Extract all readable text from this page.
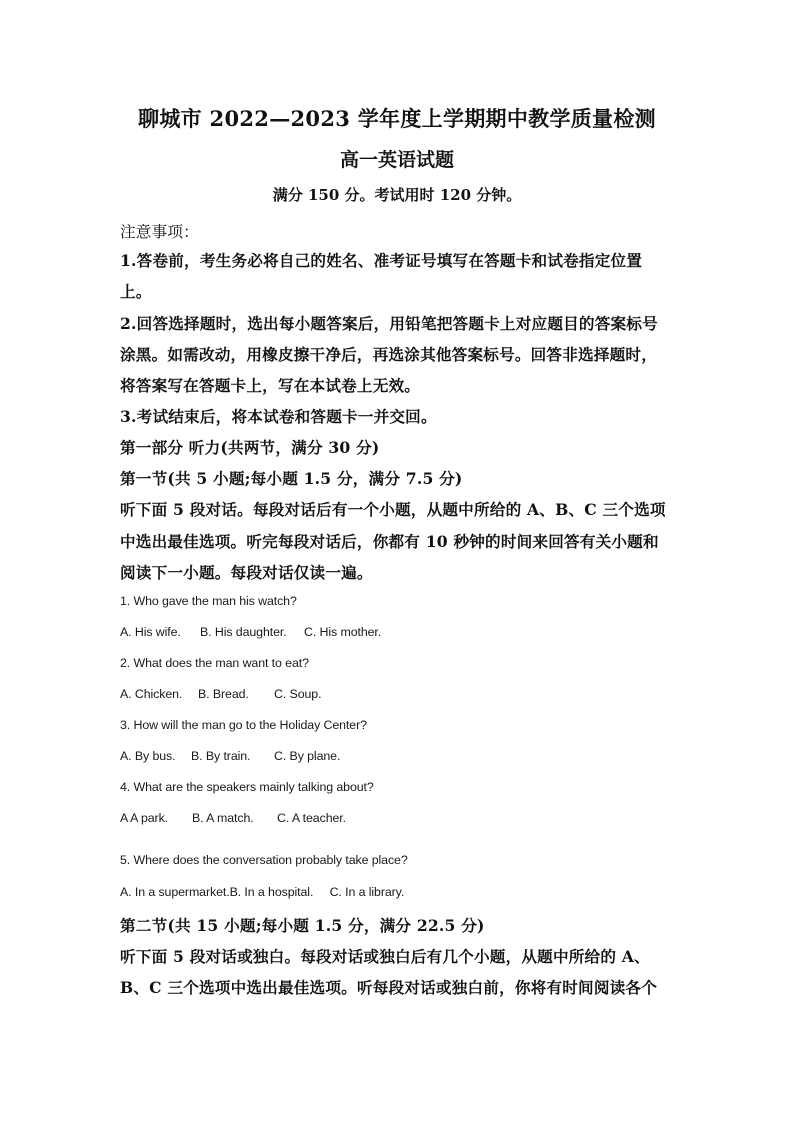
聊城市 2022—2023 学年度上学期期中教学质量检测
高一英语试题
满分 150 分。考试用时 120 分钟。
注意事项：
1.答卷前，考生务必将自己的姓名、准考证号填写在答题卡和试卷指定位置
上。
2.回答选择题时，选出每小题答案后，用铅笔把答题卡上对应题目的答案标号
涂黑。如需改动，用橡皮擦干净后，再选涂其他答案标号。回答非选择题时，
将答案写在答题卡上，写在本试卷上无效。
3.考试结束后，将本试卷和答题卡一并交回。
第一部分 听力(共两节，满分 30 分)
第一节(共 5 小题;每小题 1.5 分，满分 7.5 分)
听下面 5 段对话。每段对话后有一个小题，从题中所给的 A、B、C 三个选项
中选出最佳选项。听完每段对话后，你都有 10 秒钟的时间来回答有关小题和
阅读下一小题。每段对话仅读一遍。
1. Who gave the man his watch?
A. His wife. B. His daughter. C. His mother.
2. What does the man want to eat?
A. Chicken. B. Bread. C. Soup.
3. How will the man go to the Holiday Center?
A. By bus. B. By train. C. By plane.
4. What are the speakers mainly talking about?
A A park. B. A match. C. A teacher.
5. Where does the conversation probably take place?
A. In a supermarket.B. In a hospital. C. In a library.
第二节(共 15 小题;每小题 1.5 分，满分 22.5 分)
听下面 5 段对话或独白。每段对话或独白后有几个小题，从题中所给的 A、
B、C 三个选项中选出最佳选项。听每段对话或独白前，你将有时间阅读各个
